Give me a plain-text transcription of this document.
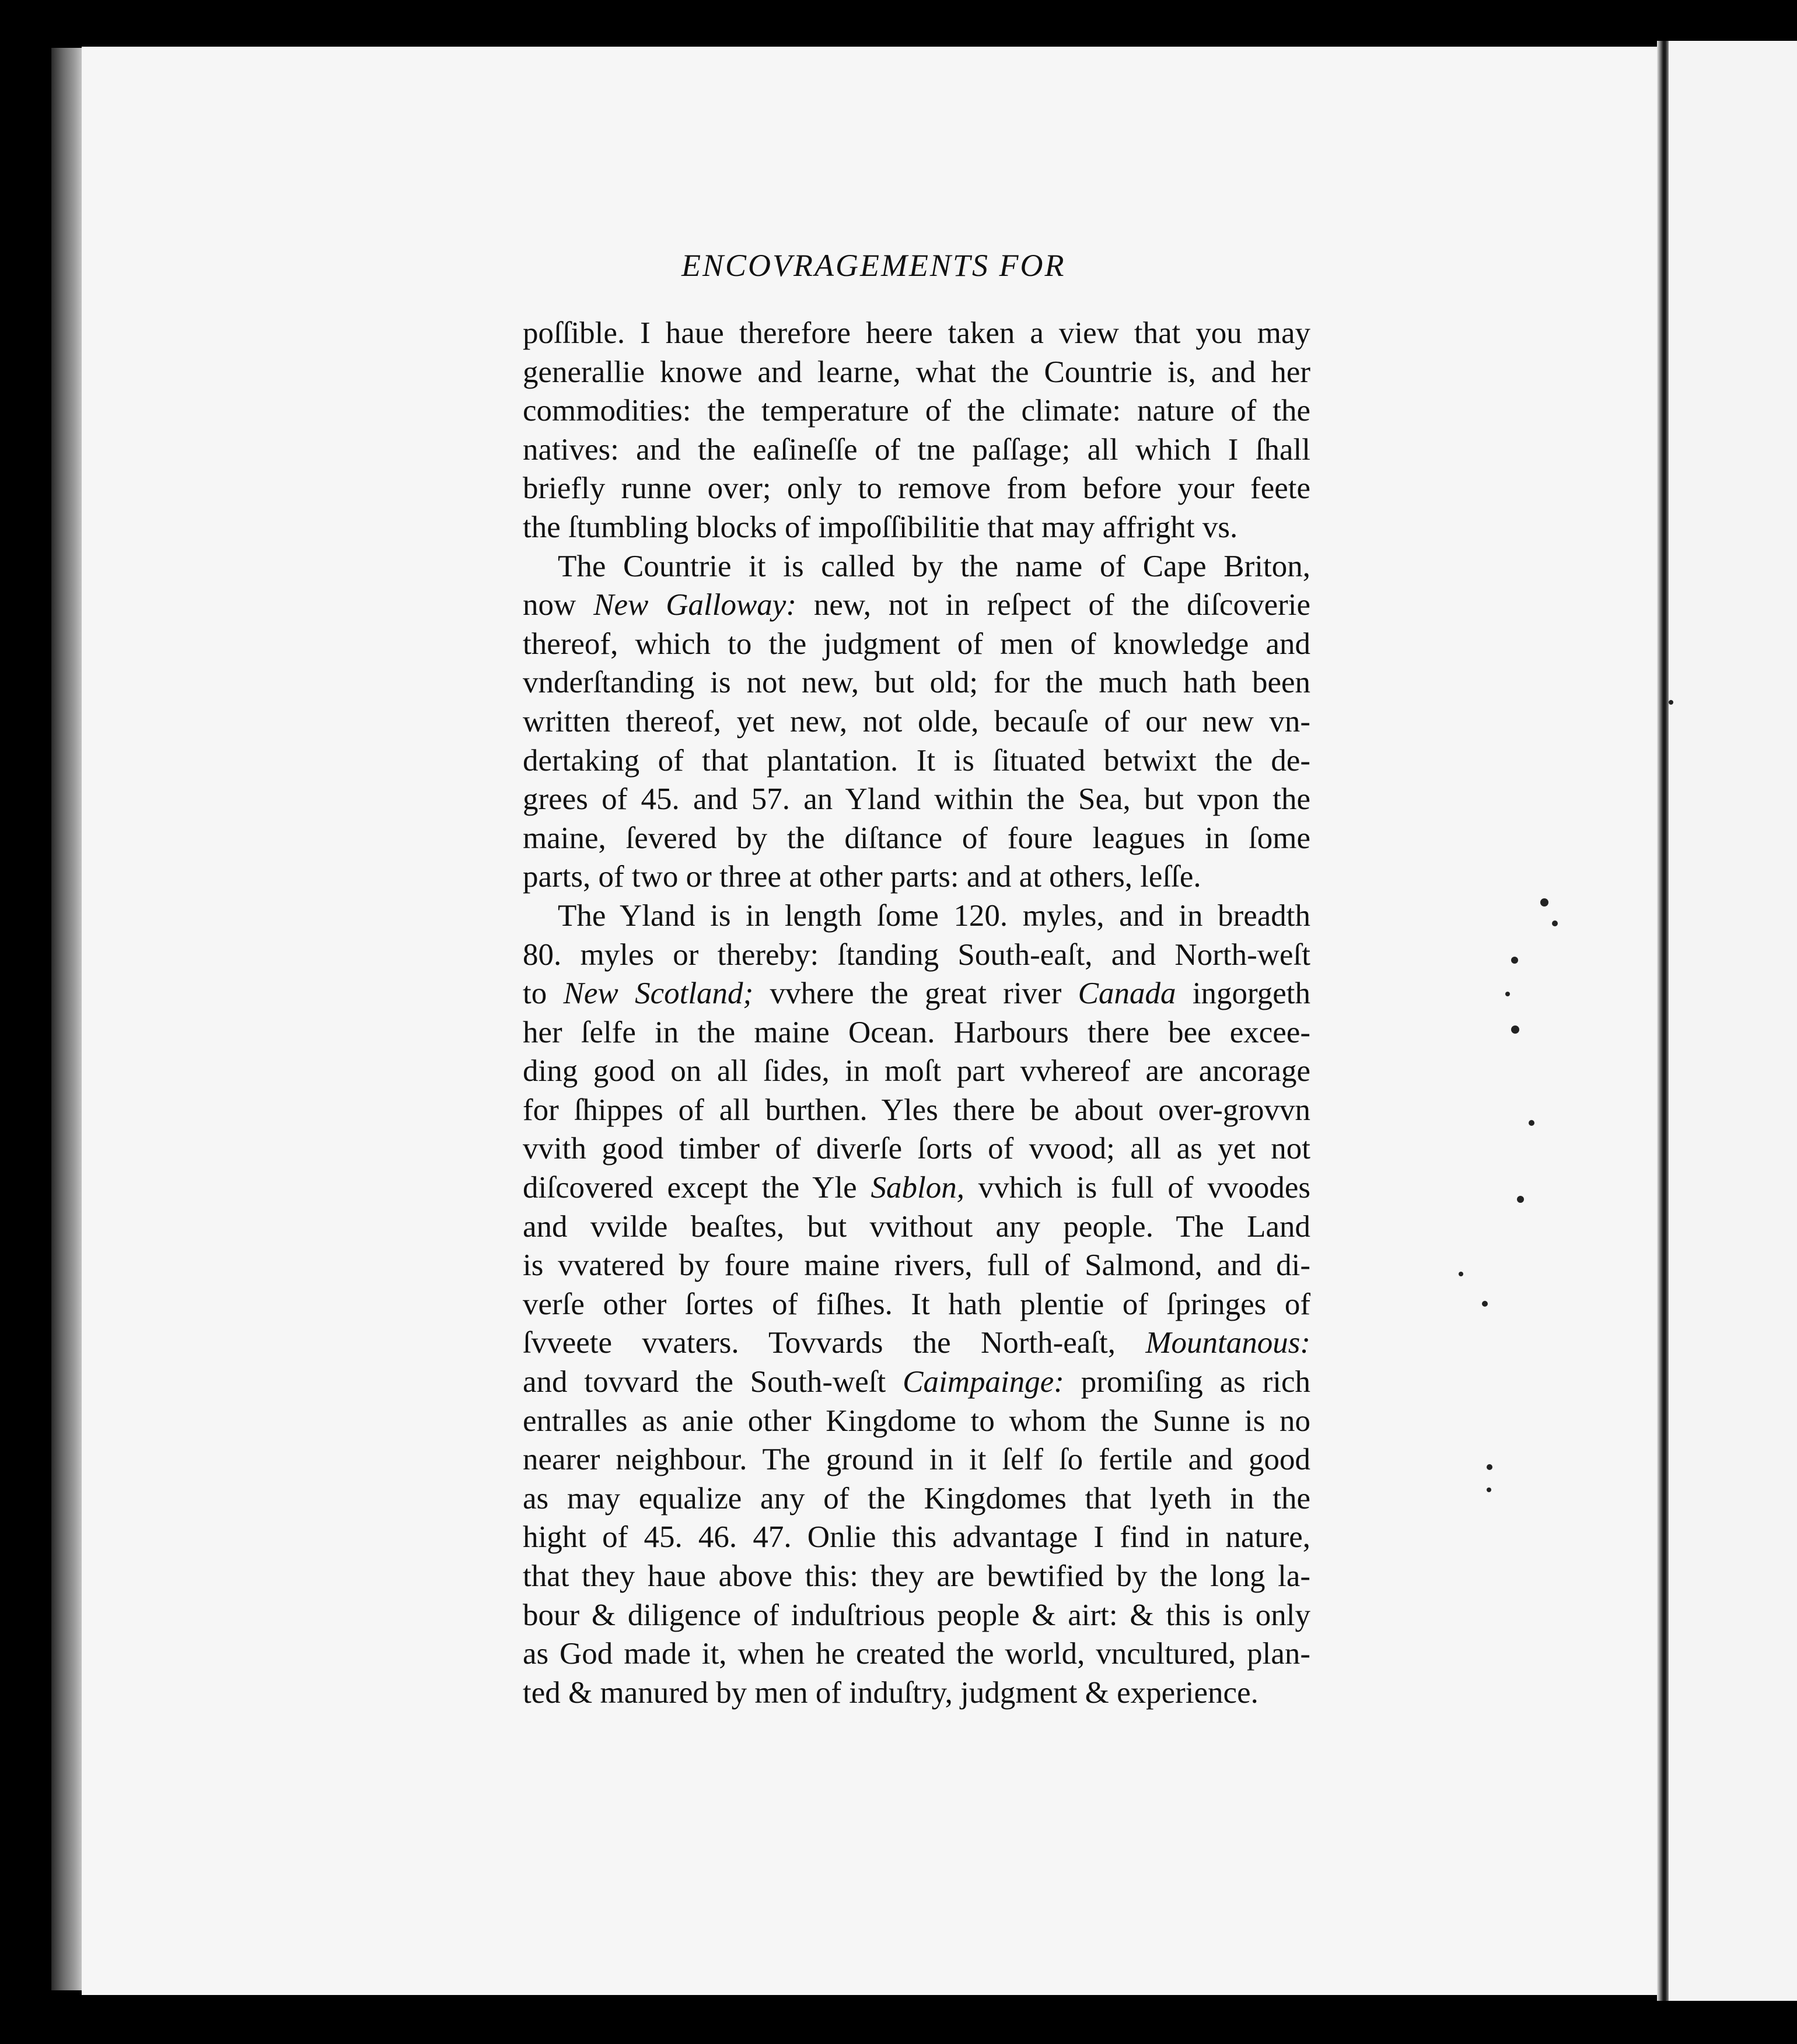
ENCOVRAGEMENTS FOR
poſſible. I haue therefore heere taken a view that you may
generallie knowe and learne, what the Countrie is, and her
commodities: the temperature of the climate: nature of the
natives: and the eaſineſſe of tne paſſage; all which I ſhall
briefly runne over; only to remove from before your feete
the ſtumbling blocks of impoſſibilitie that may affright vs.
The Countrie it is called by the name of Cape Briton,
now New Galloway: new, not in reſpect of the diſcoverie
thereof, which to the judgment of men of knowledge and
vnderſtanding is not new, but old; for the much hath been
written thereof, yet new, not olde, becauſe of our new vn-
dertaking of that plantation. It is ſituated betwixt the de-
grees of 45. and 57. an Yland within the Sea, but vpon the
maine, ſevered by the diſtance of foure leagues in ſome
parts, of two or three at other parts: and at others, leſſe.
The Yland is in length ſome 120. myles, and in breadth
80. myles or thereby: ſtanding South-eaſt, and North-weſt
to New Scotland; vvhere the great river Canada ingorgeth
her ſelfe in the maine Ocean. Harbours there bee excee-
ding good on all ſides, in moſt part vvhereof are ancorage
for ſhippes of all burthen. Yles there be about over-grovvn
vvith good timber of diverſe ſorts of vvood; all as yet not
diſcovered except the Yle Sablon, vvhich is full of vvoodes
and vvilde beaſtes, but vvithout any people. The Land
is vvatered by foure maine rivers, full of Salmond, and di-
verſe other ſortes of fiſhes. It hath plentie of ſpringes of
ſvveete vvaters. Tovvards the North-eaſt, Mountanous:
and tovvard the South-weſt Caimpainge: promiſing as rich
entralles as anie other Kingdome to whom the Sunne is no
nearer neighbour. The ground in it ſelf ſo fertile and good
as may equalize any of the Kingdomes that lyeth in the
hight of 45. 46. 47. Onlie this advantage I find in nature,
that they haue above this: they are bewtified by the long la-
bour & diligence of induſtrious people & airt: & this is only
as God made it, when he created the world, vncultured, plan-
ted & manured by men of induſtry, judgment & experience.
